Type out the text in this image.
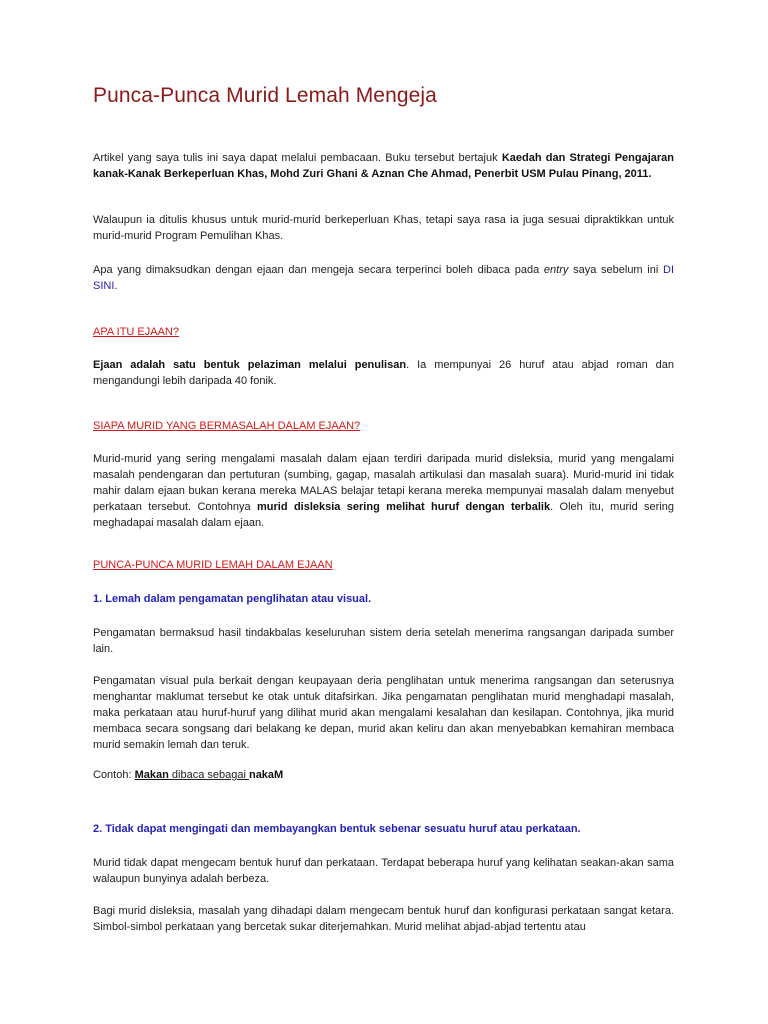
Punca-Punca Murid Lemah Mengeja

Artikel yang saya tulis ini saya dapat melalui pembacaan. Buku tersebut bertajuk Kaedah dan Strategi Pengajaran kanak-Kanak Berkeperluan Khas, Mohd Zuri Ghani & Aznan Che Ahmad, Penerbit USM Pulau Pinang, 2011.

Walaupun ia ditulis khusus untuk murid-murid berkeperluan Khas, tetapi saya rasa ia juga sesuai dipraktikkan untuk murid-murid Program Pemulihan Khas.

Apa yang dimaksudkan dengan ejaan dan mengeja secara terperinci boleh dibaca pada entry saya sebelum ini DI SINI.

APA ITU EJAAN?

Ejaan adalah satu bentuk pelaziman melalui penulisan. Ia mempunyai 26 huruf atau abjad roman dan mengandungi lebih daripada 40 fonik.

SIAPA MURID YANG BERMASALAH DALAM EJAAN?

Murid-murid yang sering mengalami masalah dalam ejaan terdiri daripada murid disleksia, murid yang mengalami masalah pendengaran dan pertuturan (sumbing, gagap, masalah artikulasi dan masalah suara). Murid-murid ini tidak mahir dalam ejaan bukan kerana mereka MALAS belajar tetapi kerana mereka mempunyai masalah dalam menyebut perkataan tersebut. Contohnya murid disleksia sering melihat huruf dengan terbalik. Oleh itu, murid sering meghadapai masalah dalam ejaan.

PUNCA-PUNCA MURID LEMAH DALAM EJAAN

1. Lemah dalam pengamatan penglihatan atau visual.

Pengamatan bermaksud hasil tindakbalas keseluruhan sistem deria setelah menerima rangsangan daripada sumber lain.

Pengamatan visual pula berkait dengan keupayaan deria penglihatan untuk menerima rangsangan dan seterusnya menghantar maklumat tersebut ke otak untuk ditafsirkan. Jika pengamatan penglihatan murid menghadapi masalah, maka perkataan atau huruf-huruf yang dilihat murid akan mengalami kesalahan dan kesilapan. Contohnya, jika murid membaca secara songsang dari belakang ke depan, murid akan keliru dan akan menyebabkan kemahiran membaca murid semakin lemah dan teruk.

Contoh: Makan dibaca sebagai nakaM

2. Tidak dapat mengingati dan membayangkan bentuk sebenar sesuatu huruf atau perkataan.

Murid tidak dapat mengecam bentuk huruf dan perkataan. Terdapat beberapa huruf yang kelihatan seakan-akan sama walaupun bunyinya adalah berbeza.

Bagi murid disleksia, masalah yang dihadapi dalam mengecam bentuk huruf dan konfigurasi perkataan sangat ketara. Simbol-simbol perkataan yang bercetak sukar diterjemahkan. Murid melihat abjad-abjad tertentu atau
